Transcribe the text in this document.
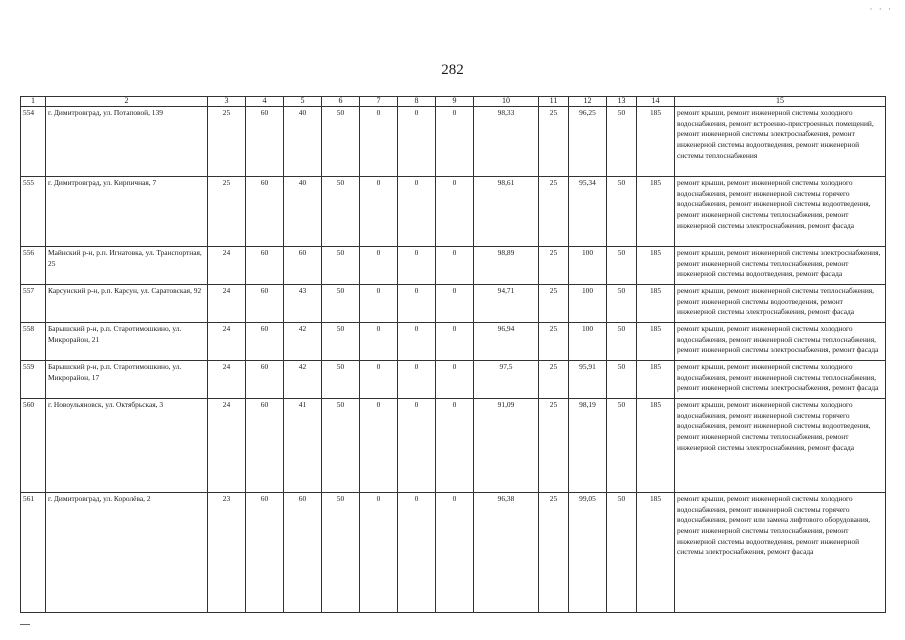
· · ·
282
1	2	3	4	5	6	7	8	9	10	11	12	13	14	15
554	г. Димитровград, ул. Потаповой, 139	25	60	40	50	0	0	0	98,33	25	96,25	50	185	ремонт крыши, ремонт инженерной системы холодного водоснабжения, ремонт встроенно-пристроенных помещений, ремонт инженерной системы электроснабжения, ремонт инженерной системы водоотведения, ремонт инженерной системы теплоснабжения
555	г. Димитровград, ул. Кирпичная, 7	25	60	40	50	0	0	0	98,61	25	95,34	50	185	ремонт крыши, ремонт инженерной системы холодного водоснабжения, ремонт инженерной системы горячего водоснабжения, ремонт инженерной системы водоотведения, ремонт инженерной системы теплоснабжения, ремонт инженерной системы электроснабжения, ремонт фасада
556	Майнский р-н, р.п. Игнатовка, ул. Транспортная, 25	24	60	60	50	0	0	0	98,89	25	100	50	185	ремонт крыши, ремонт инженерной системы электроснабжения, ремонт инженерной системы теплоснабжения, ремонт инженерной системы водоотведения, ремонт фасада
557	Карсунский р-н, р.п. Карсун, ул. Саратовская, 92	24	60	43	50	0	0	0	94,71	25	100	50	185	ремонт крыши, ремонт инженерной системы теплоснабжения, ремонт инженерной системы водоотведения, ремонт инженерной системы электроснабжения, ремонт фасада
558	Барышский р-н, р.п. Старотимошкино, ул. Микрорайон, 21	24	60	42	50	0	0	0	96,94	25	100	50	185	ремонт крыши, ремонт инженерной системы холодного водоснабжения, ремонт инженерной системы теплоснабжения, ремонт инженерной системы электроснабжения, ремонт фасада
559	Барышский р-н, р.п. Старотимошкино, ул. Микрорайон, 17	24	60	42	50	0	0	0	97,5	25	95,91	50	185	ремонт крыши, ремонт инженерной системы холодного водоснабжения, ремонт инженерной системы теплоснабжения, ремонт инженерной системы электроснабжения, ремонт фасада
560	г. Новоульяновск, ул. Октябрьская, 3	24	60	41	50	0	0	0	91,09	25	98,19	50	185	ремонт крыши, ремонт инженерной системы холодного водоснабжения, ремонт инженерной системы горячего водоснабжения, ремонт инженерной системы водоотведения, ремонт инженерной системы теплоснабжения, ремонт инженерной системы электроснабжения, ремонт фасада
561	г. Димитровград, ул. Королёва, 2	23	60	60	50	0	0	0	96,38	25	99,05	50	185	ремонт крыши, ремонт инженерной системы холодного водоснабжения, ремонт инженерной системы горячего водоснабжения, ремонт или замена лифтового оборудования, ремонт инженерной системы теплоснабжения, ремонт инженерной системы водоотведения, ремонт инженерной системы электроснабжения, ремонт фасада
